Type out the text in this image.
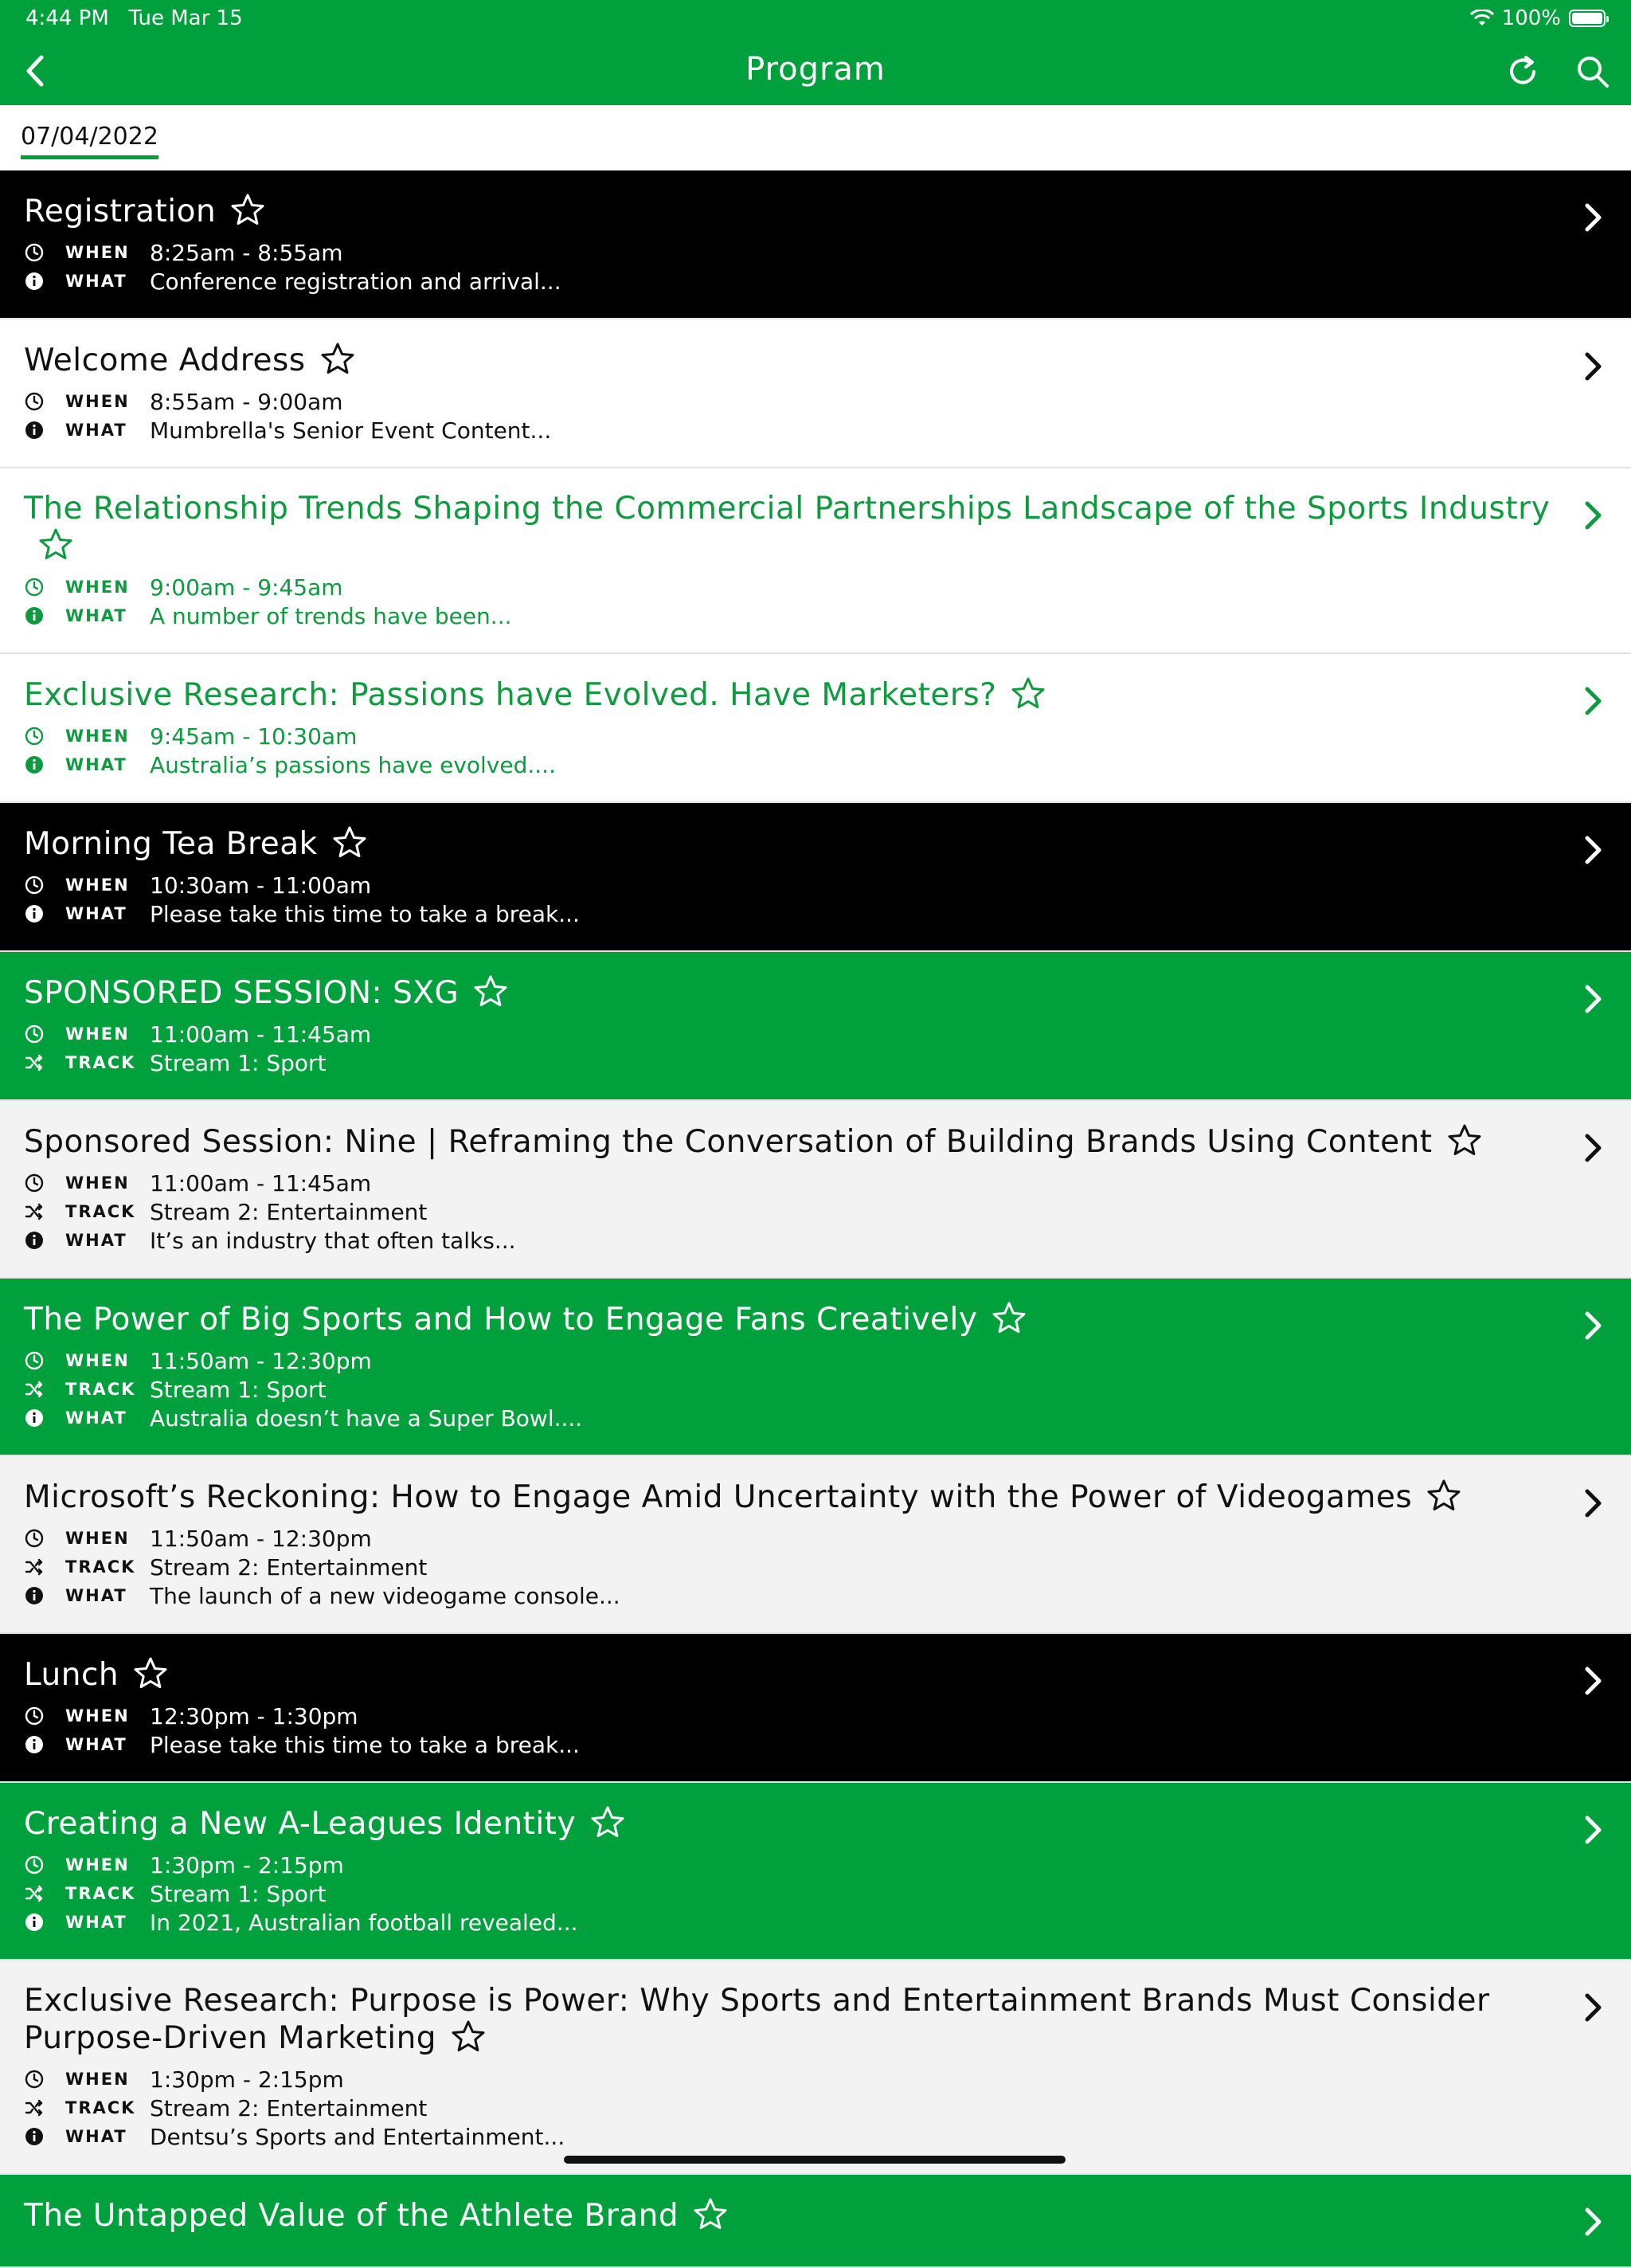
4:44 PM Tue Mar 15	100%
Program
07/04/2022
Registration
WHEN 8:25am - 8:55am
WHAT	Conference registration and arrival...
Welcome Address
WHEN 8:55am - 9:00am
WHAT	Mumbrella's Senior Event Content...
The Relationship Trends Shaping the Commercial Partnerships Landscape of the Sports Industry
WHEN 9:00am - 9:45am
WHAT	A number of trends have been...
Exclusive Research: Passions have Evolved. Have Marketers?
WHEN 9:45am - 10:30am
WHAT	Australia’s passions have evolved....
Morning Tea Break
WHEN 10:30am - 11:00am
WHAT	Please take this time to take a break...
SPONSORED SESSION: SXG
WHEN 11:00am - 11:45am
TRACK Stream 1: Sport
Sponsored Session: Nine | Reframing the Conversation of Building Brands Using Content
WHEN 11:00am - 11:45am
TRACK Stream 2: Entertainment
WHAT	It’s an industry that often talks...
The Power of Big Sports and How to Engage Fans Creatively
WHEN 11:50am - 12:30pm
TRACK Stream 1: Sport
WHAT	Australia doesn’t have a Super Bowl....
Microsoft’s Reckoning: How to Engage Amid Uncertainty with the Power of Videogames
WHEN 11:50am - 12:30pm
TRACK Stream 2: Entertainment
WHAT	The launch of a new videogame console...
Lunch
WHEN 12:30pm - 1:30pm
WHAT	Please take this time to take a break...
Creating a New A-Leagues Identity
WHEN 1:30pm - 2:15pm
TRACK Stream 1: Sport
WHAT	In 2021, Australian football revealed...
Exclusive Research: Purpose is Power: Why Sports and Entertainment Brands Must Consider Purpose-Driven Marketing
WHEN 1:30pm - 2:15pm
TRACK Stream 2: Entertainment
WHAT	Dentsu’s Sports and Entertainment...
The Untapped Value of the Athlete Brand
